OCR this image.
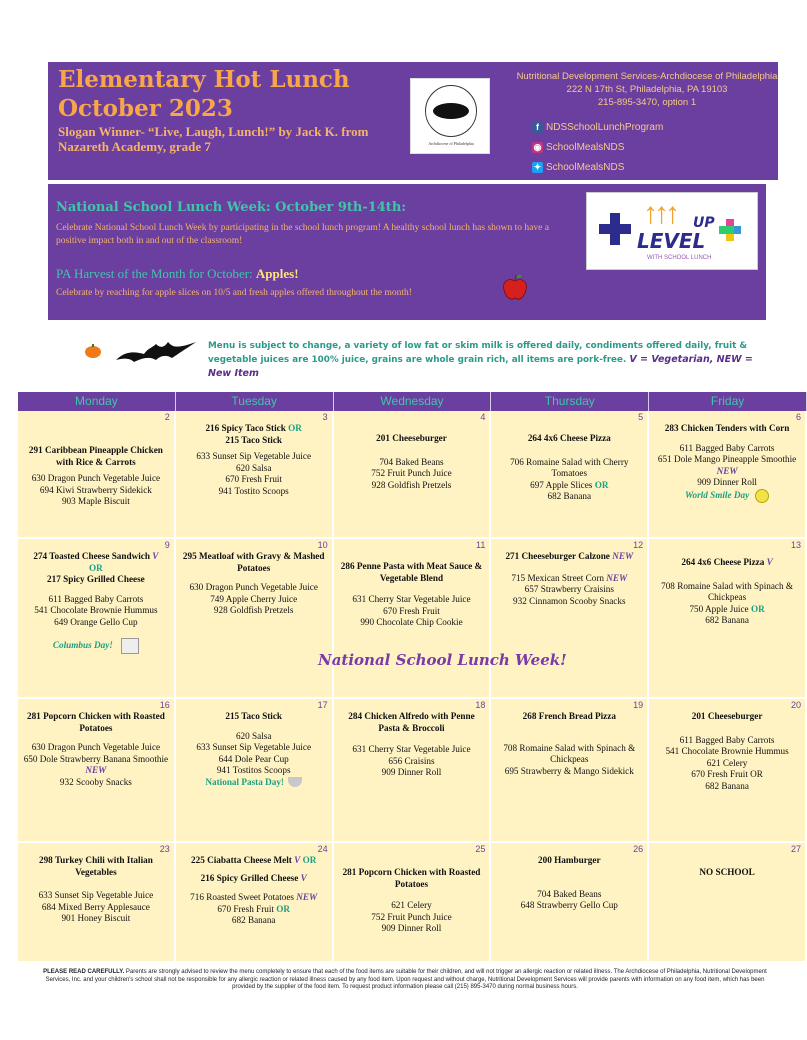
Elementary Hot Lunch
October 2023
Slogan Winner- “Live, Laugh, Lunch!” by Jack K. from Nazareth Academy, grade 7	Archdiocese of Philadelphia
Nutritional Development Services-Archdiocese of Philadelphia
222 N 17th St, Philadelphia, PA 19103
215-895-3470, option 1
f NDSSchoolLunchProgram
◉ SchoolMealsNDS
✦ SchoolMealsNDS
National School Lunch Week: October 9th-14th:
Celebrate National School Lunch Week by participating in the school lunch program! A healthy school lunch has shown to have a positive impact both in and out of the classroom!
PA Harvest of the Month for October: Apples!
Celebrate by reaching for apple slices on 10/5 and fresh apples offered throughout the month!
↑↑↑
LEVEL
UP
WITH SCHOOL LUNCH
Menu is subject to change, a variety of low fat or skim milk is offered daily, condiments offered daily, fruit & vegetable juices are 100% juice, grains are whole grain rich, all items are pork-free. V = Vegetarian, NEW = New Item
Monday	Tuesday	Wednesday	Thursday	Friday
2
291 Caribbean Pineapple Chicken with Rice & Carrots
630 Dragon Punch Vegetable Juice
694 Kiwi Strawberry Sidekick
903 Maple Biscuit
3
216 Spicy Taco Stick OR
215 Taco Stick
633 Sunset Sip Vegetable Juice
620 Salsa
670 Fresh Fruit
941 Tostito Scoops
4
201 Cheeseburger
704 Baked Beans
752 Fruit Punch Juice
928 Goldfish Pretzels
5
264 4x6 Cheese Pizza
706 Romaine Salad with Cherry Tomatoes
697 Apple Slices OR
682 Banana
6
283 Chicken Tenders with Corn
611 Bagged Baby Carrots
651 Dole Mango Pineapple Smoothie NEW
909 Dinner Roll
World Smile Day
9
274 Toasted Cheese Sandwich V
OR
217 Spicy Grilled Cheese
611 Bagged Baby Carrots
541 Chocolate Brownie Hummus
649 Orange Gello Cup
Columbus Day!
10
295 Meatloaf with Gravy & Mashed Potatoes
630 Dragon Punch Vegetable Juice
749 Apple Cherry Juice
928 Goldfish Pretzels
11
286 Penne Pasta with Meat Sauce & Vegetable Blend
631 Cherry Star Vegetable Juice
670 Fresh Fruit
990 Chocolate Chip Cookie
12
271 Cheeseburger Calzone NEW
715 Mexican Street Corn NEW
657 Strawberry Craisins
932 Cinnamon Scooby Snacks
13
264 4x6 Cheese Pizza V
708 Romaine Salad with Spinach & Chickpeas
750 Apple Juice OR
682 Banana
National School Lunch Week!
16
281 Popcorn Chicken with Roasted Potatoes
630 Dragon Punch Vegetable Juice
650 Dole Strawberry Banana Smoothie NEW
932 Scooby Snacks
17
215 Taco Stick
620 Salsa
633 Sunset Sip Vegetable Juice
644 Dole Pear Cup
941 Tostitos Scoops
National Pasta Day!
18
284 Chicken Alfredo with Penne Pasta & Broccoli
631 Cherry Star Vegetable Juice
656 Craisins
909 Dinner Roll
19
268 French Bread Pizza
708 Romaine Salad with Spinach & Chickpeas
695 Strawberry & Mango Sidekick
20
201 Cheeseburger
611 Bagged Baby Carrots
541 Chocolate Brownie Hummus
621 Celery
670 Fresh Fruit OR
682 Banana
23
298 Turkey Chili with Italian Vegetables
633 Sunset Sip Vegetable Juice
684 Mixed Berry Applesauce
901 Honey Biscuit
24
225 Ciabatta Cheese Melt V OR
216 Spicy Grilled Cheese V
716 Roasted Sweet Potatoes NEW
670 Fresh Fruit OR
682 Banana
25
281 Popcorn Chicken with Roasted Potatoes
621 Celery
752 Fruit Punch Juice
909 Dinner Roll
26
200 Hamburger
704 Baked Beans
648 Strawberry Gello Cup
27
NO SCHOOL
PLEASE READ CAREFULLY. Parents are strongly advised to review the menu completely to ensure that each of the food items are suitable for their children, and will not trigger an allergic reaction or related illness. The Archdiocese of Philadelphia, Nutritional Development Services, Inc. and your children's school shall not be responsible for any allergic reaction or related illness caused by any food item. Upon request and without charge, Nutritional Development Services will provide parents with information on any food item, which has been provided by the supplier of the food item. To request product information please call (215) 895-3470 during normal business hours.
